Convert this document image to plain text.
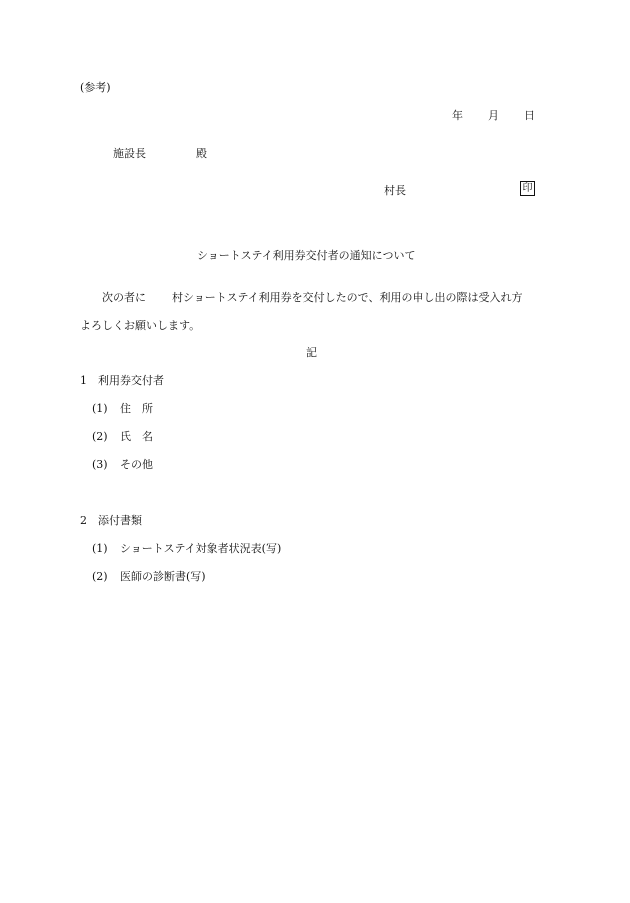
(参考)
年 月 日
施設長	殿
村長	印
ショートステイ利用券交付者の通知について
次の者に 村ショートステイ利用券を交付したので、利用の申し出の際は受入れ方
よろしくお願いします。
記
1　利用券交付者
(1) 住　所
(2) 氏　名
(3) その他
2　添付書類
(1) ショートステイ対象者状況表(写)
(2) 医師の診断書(写)
